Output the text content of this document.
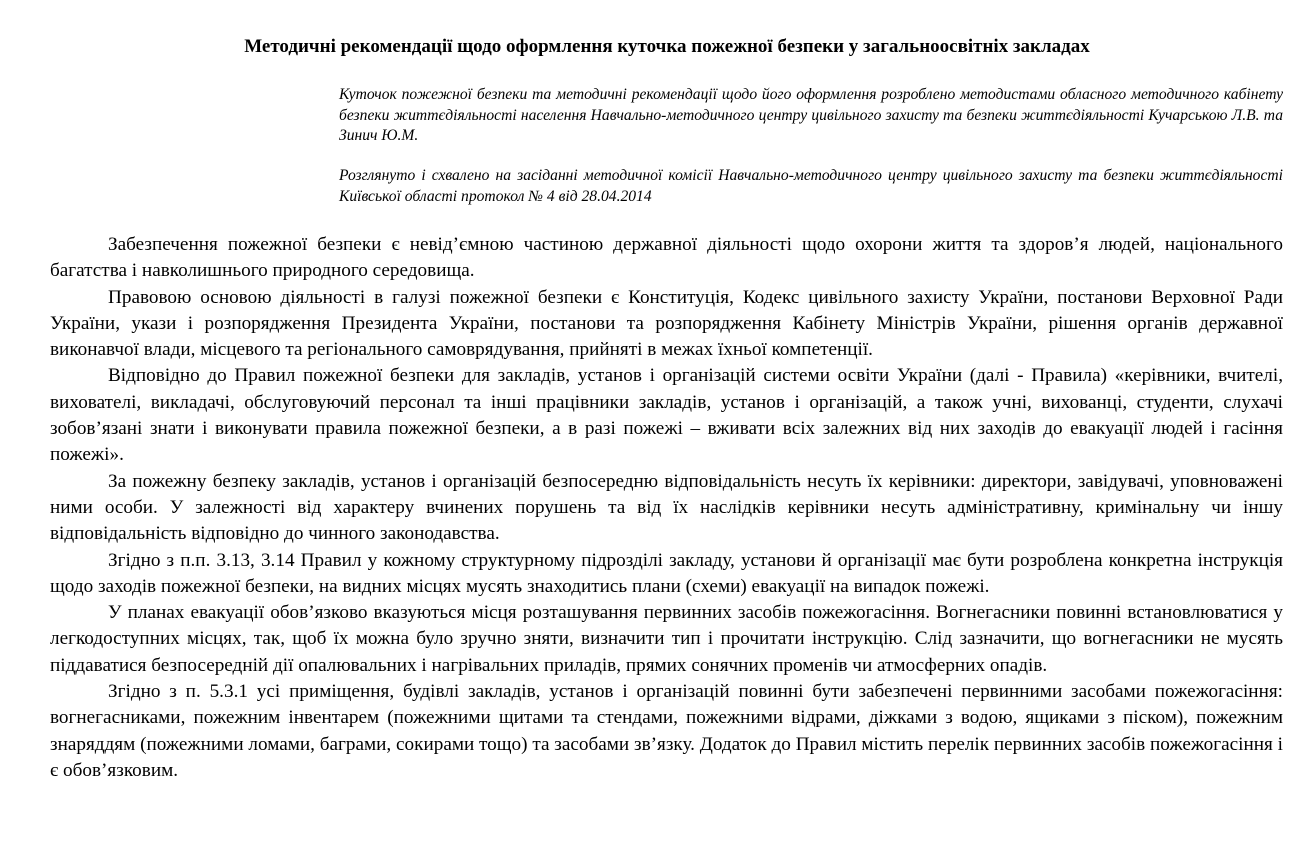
Методичні рекомендації щодо оформлення куточка пожежної безпеки у загальноосвітніх закладах
Куточок пожежної безпеки та методичні рекомендації щодо його оформлення розроблено методистами обласного методичного кабінету безпеки життєдіяльності населення Навчально-методичного центру цивільного захисту та безпеки життєдіяльності Кучарською Л.В. та Зинич Ю.М.
Розглянуто і схвалено на засіданні методичної комісії Навчально-методичного центру цивільного захисту та безпеки життєдіяльності Київської області протокол № 4 від 28.04.2014

Забезпечення пожежної безпеки є невід’ємною частиною державної діяльності щодо охорони життя та здоров’я людей, національного багатства і навколишнього природного середовища.

Правовою основою діяльності в галузі пожежної безпеки є Конституція, Кодекс цивільного захисту України, постанови Верховної Ради України, укази і розпорядження Президента України, постанови та розпорядження Кабінету Міністрів України, рішення органів державної виконавчої влади, місцевого та регіонального самоврядування, прийняті в межах їхньої компетенції.

Відповідно до Правил пожежної безпеки для закладів, установ і організацій системи освіти України (далі - Правила) «керівники, вчителі, вихователі, викладачі, обслуговуючий персонал та інші працівники закладів, установ і організацій, а також учні, вихованці, студенти, слухачі зобов’язані знати і виконувати правила пожежної безпеки, а в разі пожежі – вживати всіх залежних від них заходів до евакуації людей і гасіння пожежі».

За пожежну безпеку закладів, установ і організацій безпосередню відповідальність несуть їх керівники: директори, завідувачі, уповноважені ними особи. У залежності від характеру вчинених порушень та від їх наслідків керівники несуть адміністративну, кримінальну чи іншу відповідальність відповідно до чинного законодавства.

Згідно з п.п. 3.13, 3.14 Правил у кожному структурному підрозділі закладу, установи й організації має бути розроблена конкретна інструкція щодо заходів пожежної безпеки, на видних місцях мусять знаходитись плани (схеми) евакуації на випадок пожежі.

У планах евакуації обов’язково вказуються місця розташування первинних засобів пожежогасіння. Вогнегасники повинні встановлюватися у легкодоступних місцях, так, щоб їх можна було зручно зняти, визначити тип і прочитати інструкцію. Слід зазначити, що вогнегасники не мусять піддаватися безпосередній дії опалювальних і нагрівальних приладів, прямих сонячних променів чи атмосферних опадів.

Згідно з п. 5.3.1 усі приміщення, будівлі закладів, установ і організацій повинні бути забезпечені первинними засобами пожежогасіння: вогнегасниками, пожежним інвентарем (пожежними щитами та стендами, пожежними відрами, діжками з водою, ящиками з піском), пожежним знаряддям (пожежними ломами, баграми, сокирами тощо) та засобами зв’язку. Додаток до Правил містить перелік первинних засобів пожежогасіння і є обов’язковим.
